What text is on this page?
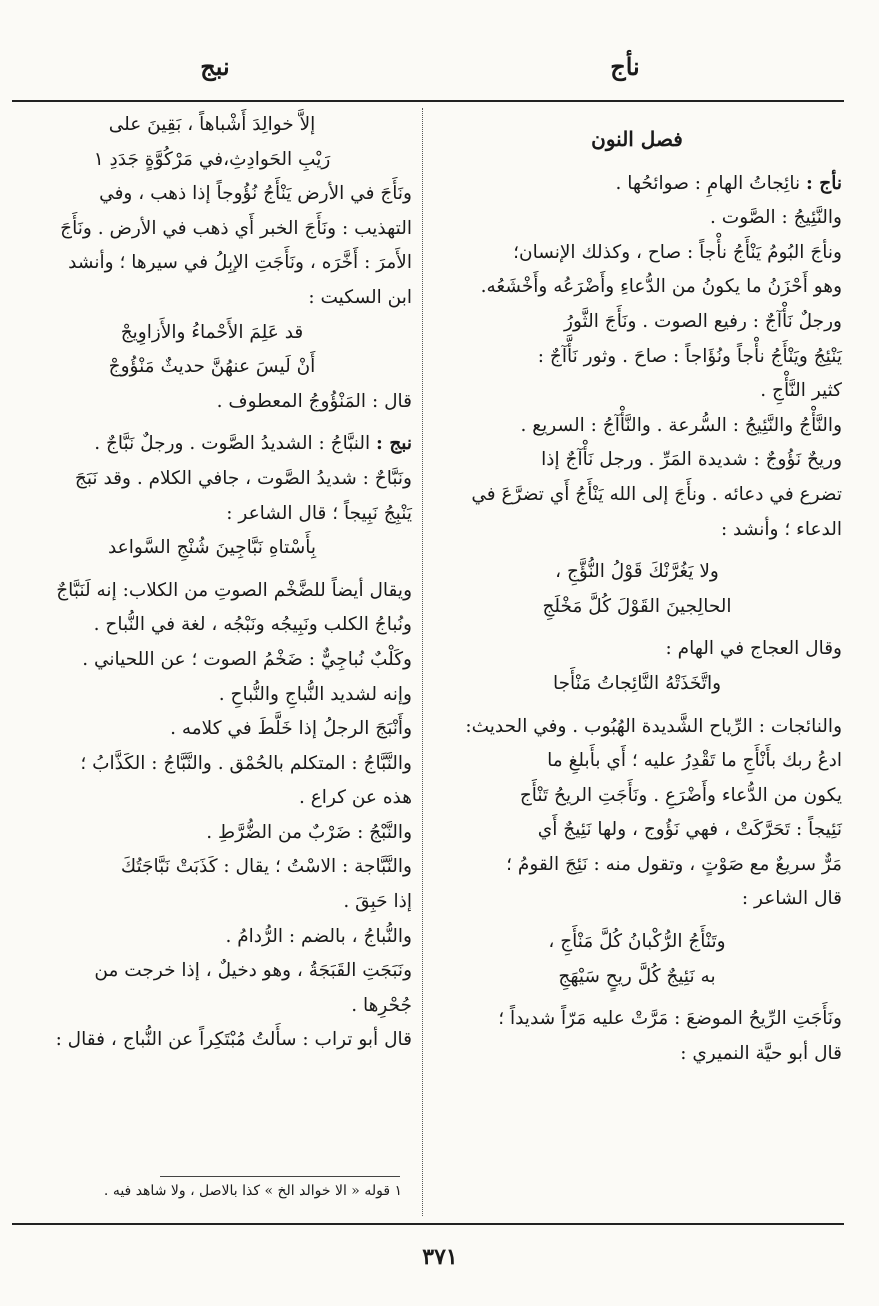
نأج
نبج

فصل النون

نأج : نائِجاتُ الهامِ : صوائحُها .

والنَّئِيجُ : الصَّوت .

ونأجَ البُومُ يَنْأَجُ نأْجاً : صاح ، وكذلك الإنسان؛

وهو أَحْزَنُ ما يكونُ من الدُّعاءِ وأَضْرَعُه وأَخْشَعُه.

ورجلٌ نَأْآجٌ : رفيع الصوت . ونَأَجَ الثَّورُ

يَنْئِجُ ويَنْأَجُ نأْجاً ونُؤَاجاً : صاحَ . وثور نَأَّآجٌ :

كثير النَّأْجِ .

والنَّأْجُ والنَّئِيجُ : السُّرعة . والنَّأْآجُ : السريع .

وريحٌ نَؤُوجٌ : شديدة المَرِّ . ورجل نَأْآجٌ إذا

تضرع في دعائه . ونأَجَ إلى الله يَنْأَجُ أَي تضرَّعَ في

الدعاء ؛ وأنشد :

ولا يَغُرَّنْكَ قَوْلُ النُّؤَّجِ ،

الحالِجينَ القَوْلَ كُلَّ مَخْلَجِ

وقال العجاج في الهام :

واتَّخَذَتْهُ النَّائِجاتُ مَنْأَجا

والنائجات : الرِّياح الشَّديدة الهُبُوب . وفي الحديث:

ادعُ ربك بأَنْأَجِ ما تَقْدِرُ عليه ؛ أَي بأَبلغِ ما

يكون من الدُّعاء وأَضْرَعِ . ونَأَجَتِ الريحُ تَنْأَج

نَئِيجاً : تَحَرَّكَتْ ، فهي نَؤُوج ، ولها نَئِيجٌ أَي

مَرٌّ سريعٌ مع صَوْتٍ ، وتقول منه : نَئِجَ القومُ ؛

قال الشاعر :

وتَنْأَجُ الرُّكْبانُ كُلَّ مَنْأَجِ ،

به نَئِيجٌ كُلَّ ريحٍ سَيْهَجِ

ونَأَجَتِ الرِّيحُ الموضعَ : مَرَّتْ عليه مَرّاً شديداً ؛

قال أبو حيَّة النميري :

إلاَّ خوالِدَ أَشْباهاً ، بَقِينَ على

رَيْبِ الحَوادِثِ،في مَرْكُوَّةٍ جَدَدِ ١

ونَأَجَ في الأرض يَنْأَجُ نُؤُوجاً إذا ذهب ، وفي

التهذيب : ونَأَجَ الخبر أَي ذهب في الأرض . ونَأَجَ

الأَمرَ : أَخَّرَه ، ونَأَجَتِ الإبِلُ في سيرها ؛ وأنشد

ابن السكيت :

قد عَلِمَ الأَحْماءُ والأَزاوِيجْ

أَنْ لَيسَ عنهُنَّ حديثٌ مَنْؤُوجْ

قال : المَنْؤُوجُ المعطوف .

نبج : النبَّاجُ : الشديدُ الصَّوت . ورجلٌ نَبَّاجٌ .

ونَبَّاحٌ : شديدُ الصَّوت ، جافي الكلام . وقد نَبَجَ

يَنْبِجُ نَبِيجاً ؛ قال الشاعر :

بِأَسْتاهِ نَبَّاجِينَ شُنْجِ السَّواعد

ويقال أيضاً للضَّخْم الصوتِ من الكلاب: إنه لَنَبَّاجٌ

ونُباجُ الكلب ونَبِيجُه ونَبْجُه ، لغة في النُّباح .

وكَلْبٌ نُباجِيٌّ : ضَخْمُ الصوت ؛ عن اللحياني .

وإنه لشديد النُّباجِ والنُّباحِ .

وأَنْبَجَ الرجلُ إذا خَلَّطَ في كلامه .

والنَّبَّاجُ : المتكلم بالحُمْق . والنَّبَّاجُ : الكَذَّابُ ؛

هذه عن كراع .

والنَّبْجُ : ضَرْبٌ من الضُّرَّطِ .

والنَّبَّاجة : الاسْتُ ؛ يقال : كَذَبَتْ نَبَّاجَتُكَ

إذا حَبِقَ .

والنُّباجُ ، بالضم : الرُّدامُ .

ونَبَجَتِ القَبَجَةُ ، وهو دخيلٌ ، إذا خرجت من

جُحْرِها .

قال أبو تراب : سأَلتُ مُبْتَكِراً عن النُّباج ، فقال :

١ قوله « الا خوالد الخ » كذا بالاصل ، ولا شاهد فيه .
٣٧١
